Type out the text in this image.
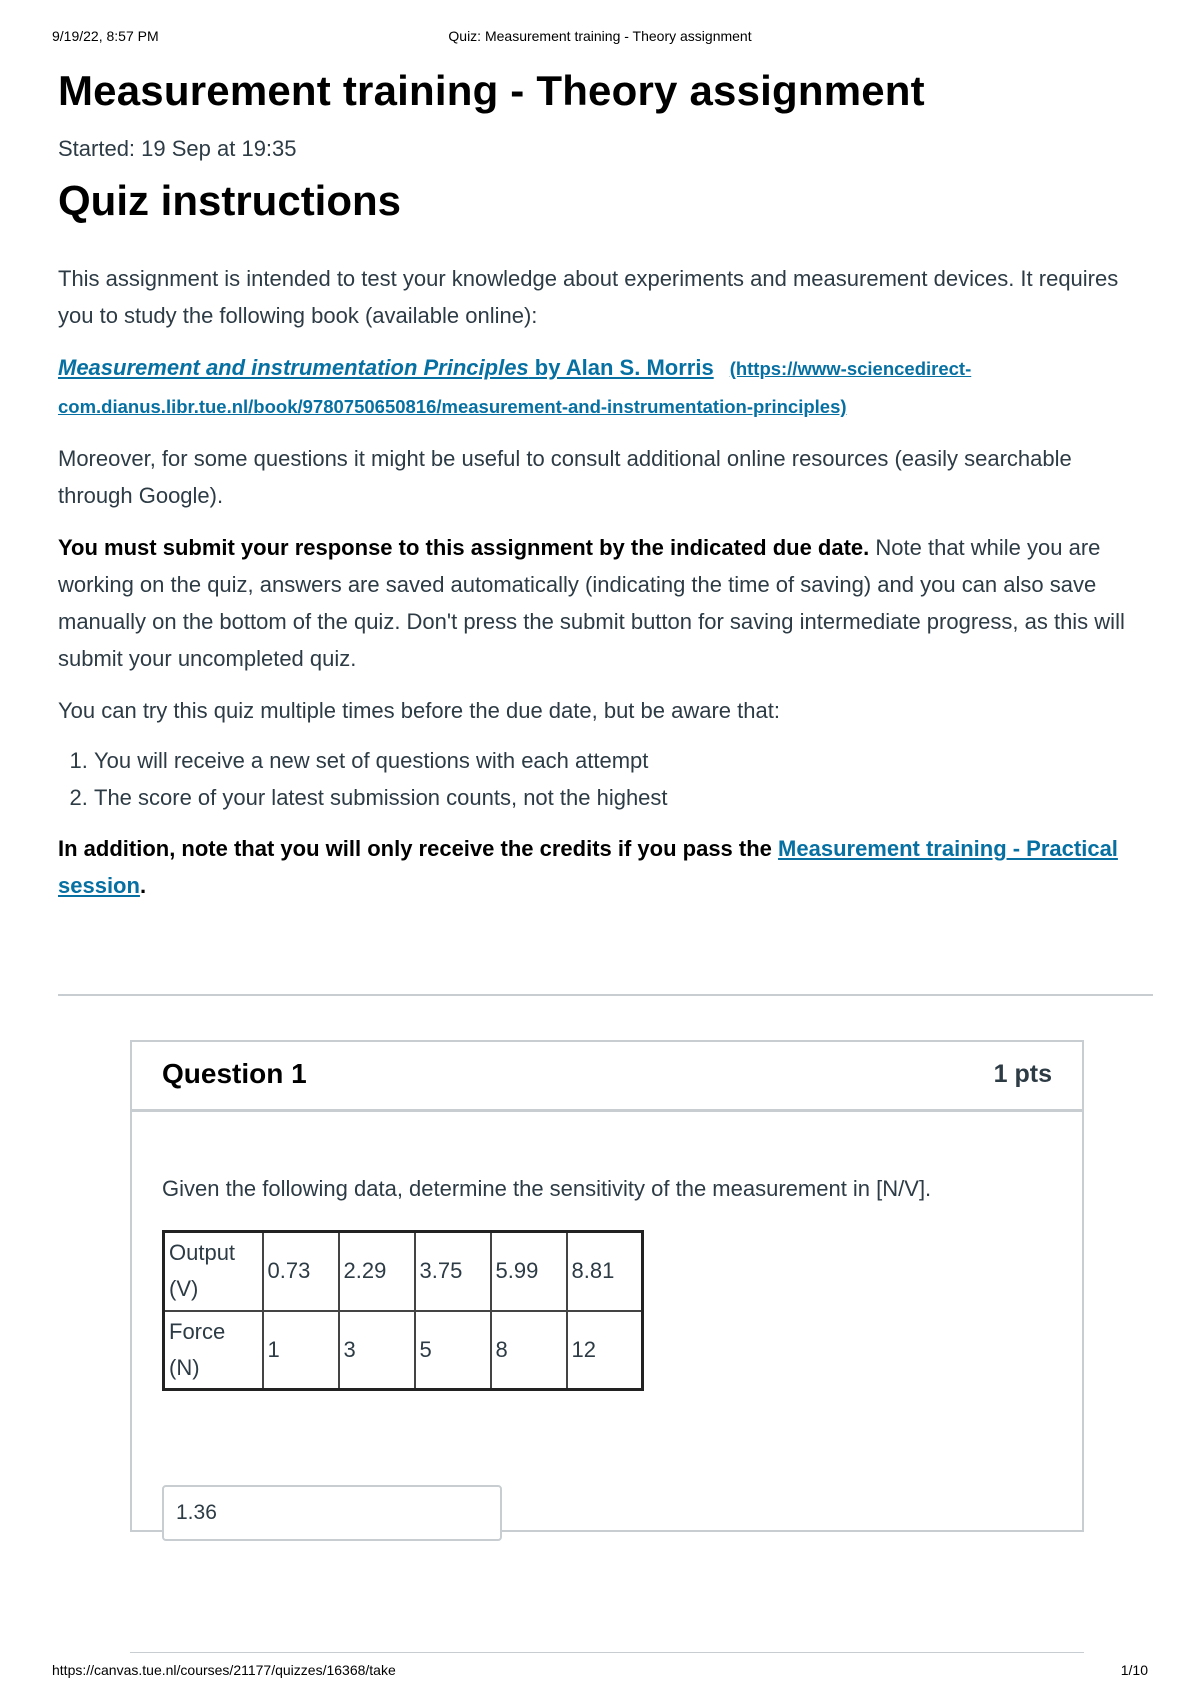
9/19/22, 8:57 PM	Quiz: Measurement training - Theory assignment
Measurement training - Theory assignment
Started: 19 Sep at 19:35
Quiz instructions

This assignment is intended to test your knowledge about experiments and measurement devices. It requires you to study the following book (available online):

Measurement and instrumentation Principles by Alan S. Morris (https://www-sciencedirect-com.dianus.libr.tue.nl/book/9780750650816/measurement-and-instrumentation-principles)

Moreover, for some questions it might be useful to consult additional online resources (easily searchable through Google).

You must submit your response to this assignment by the indicated due date. Note that while you are working on the quiz, answers are saved automatically (indicating the time of saving) and you can also save manually on the bottom of the quiz. Don't press the submit button for saving intermediate progress, as this will submit your uncompleted quiz.

You can try this quiz multiple times before the due date, but be aware that:

1. You will receive a new set of questions with each attempt
2. The score of your latest submission counts, not the highest

In addition, note that you will only receive the credits if you pass the Measurement training - Practical session.

Question 1	1 pts
Given the following data, determine the sensitivity of the measurement in [N/V].
Output (V)	0.73	2.29	3.75	5.99	8.81
Force (N)	1	3	5	8	12
1.36
https://canvas.tue.nl/courses/21177/quizzes/16368/take	1/10
